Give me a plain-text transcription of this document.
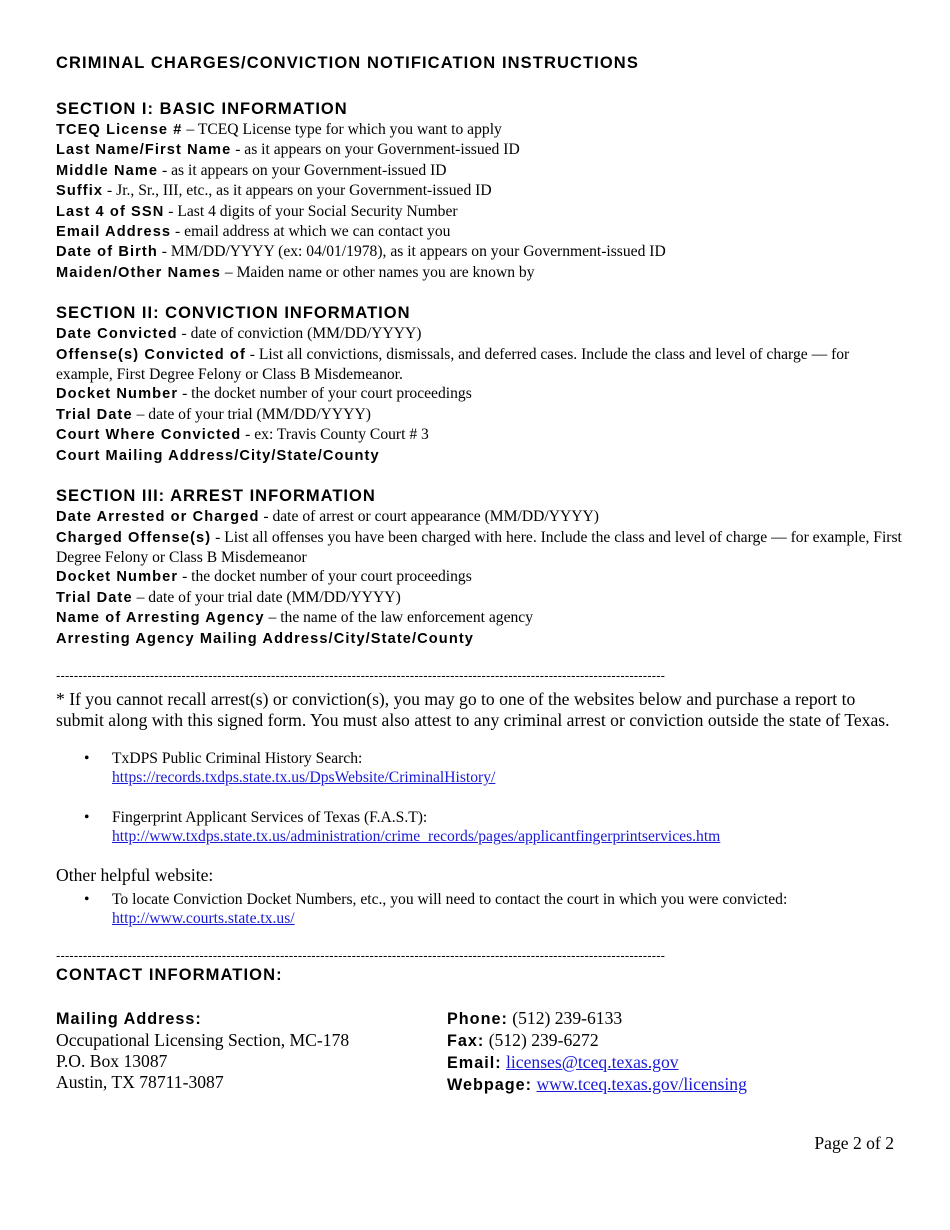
CRIMINAL CHARGES/CONVICTION NOTIFICATION INSTRUCTIONS

SECTION I: BASIC INFORMATION

TCEQ License # – TCEQ License type for which you want to apply

Last Name/First Name - as it appears on your Government-issued ID

Middle Name - as it appears on your Government-issued ID

Suffix - Jr., Sr., III, etc., as it appears on your Government-issued ID

Last 4 of SSN - Last 4 digits of your Social Security Number

Email Address - email address at which we can contact you

Date of Birth - MM/DD/YYYY (ex: 04/01/1978), as it appears on your Government-issued ID

Maiden/Other Names – Maiden name or other names you are known by

SECTION II: CONVICTION INFORMATION

Date Convicted - date of conviction (MM/DD/YYYY)

Offense(s) Convicted of - List all convictions, dismissals, and deferred cases. Include the class and level of charge — for example, First Degree Felony or Class B Misdemeanor.

Docket Number - the docket number of your court proceedings

Trial Date – date of your trial (MM/DD/YYYY)

Court Where Convicted - ex: Travis County Court # 3

Court Mailing Address/City/State/County

SECTION III: ARREST INFORMATION

Date Arrested or Charged - date of arrest or court appearance (MM/DD/YYYY)

Charged Offense(s) - List all offenses you have been charged with here. Include the class and level of charge — for example, First Degree Felony or Class B Misdemeanor

Docket Number - the docket number of your court proceedings

Trial Date – date of your trial date (MM/DD/YYYY)

Name of Arresting Agency – the name of the law enforcement agency

Arresting Agency Mailing Address/City/State/County

----------------------------------------------------------------------------------------------------------------------------------------

* If you cannot recall arrest(s) or conviction(s), you may go to one of the websites below and purchase a report to submit along with this signed form. You must also attest to any criminal arrest or conviction outside the state of Texas.

• TxDPS Public Criminal History Search:
https://records.txdps.state.tx.us/DpsWebsite/CriminalHistory/
• Fingerprint Applicant Services of Texas (F.A.S.T):
http://www.txdps.state.tx.us/administration/crime_records/pages/applicantfingerprintservices.htm

Other helpful website:

• To locate Conviction Docket Numbers, etc., you will need to contact the court in which you were convicted: http://www.courts.state.tx.us/

----------------------------------------------------------------------------------------------------------------------------------------

CONTACT INFORMATION:

Mailing Address:

Occupational Licensing Section, MC-178

P.O. Box 13087

Austin, TX 78711-3087

Phone: (512) 239-6133

Fax: (512) 239-6272

Email: licenses@tceq.texas.gov

Webpage: www.tceq.texas.gov/licensing

Page 2 of 2
